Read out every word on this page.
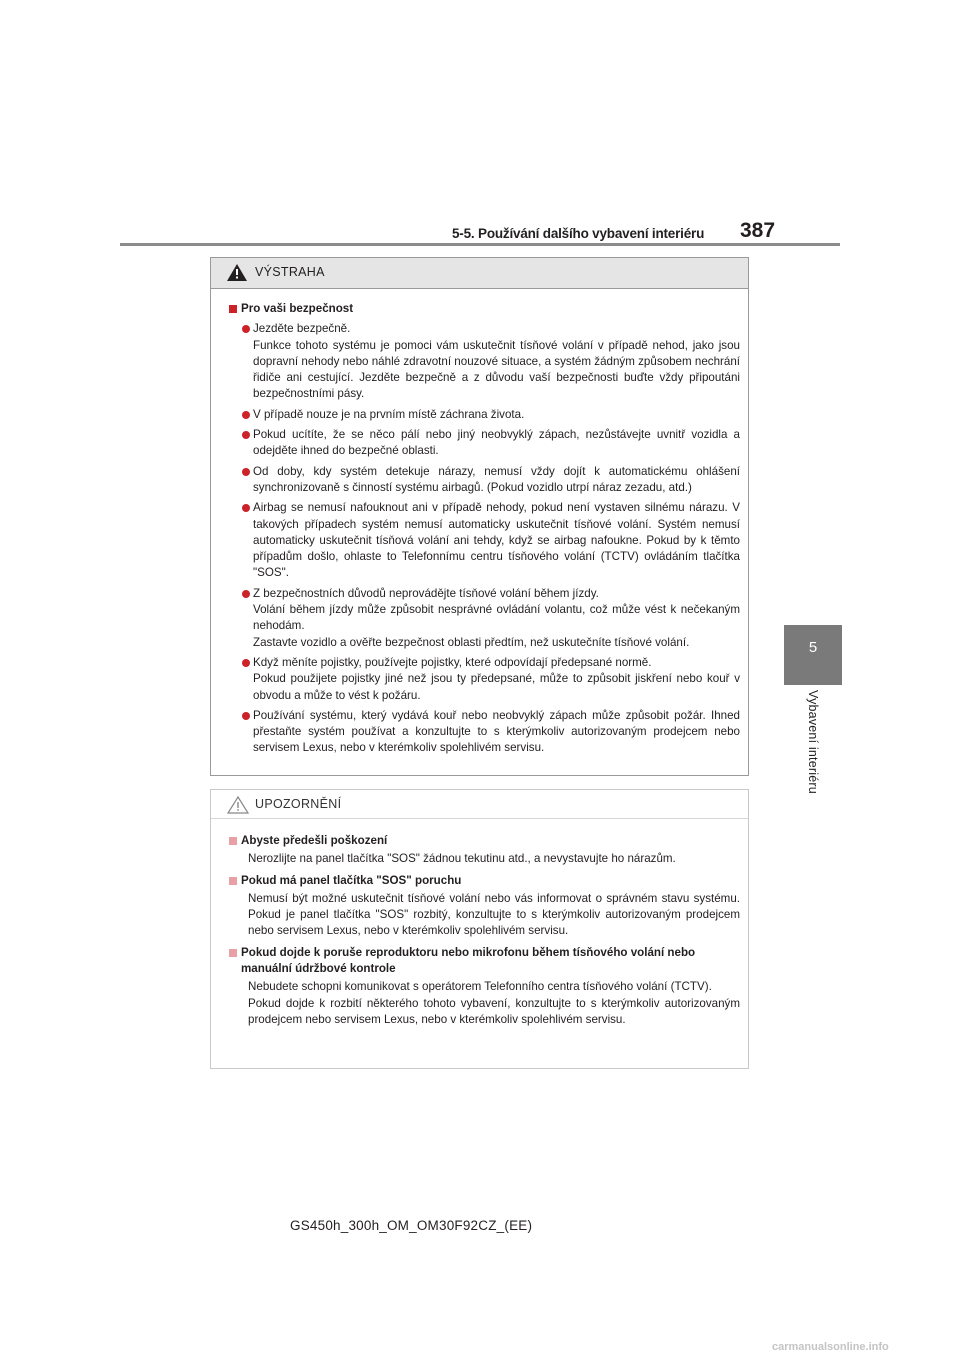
5-5. Používání dalšího vybavení interiéru 387
5
Vybavení interiéru
VÝSTRAHA
Pro vaši bezpečnost
Jezděte bezpečně.
Funkce tohoto systému je pomoci vám uskutečnit tísňové volání v případě nehod, jako jsou dopravní nehody nebo náhlé zdravotní nouzové situace, a systém žádným způsobem nechrání řidiče ani cestující. Jezděte bezpečně a z důvodu vaší bezpečnosti buďte vždy připoutáni bezpečnostními pásy.
V případě nouze je na prvním místě záchrana života.
Pokud ucítíte, že se něco pálí nebo jiný neobvyklý zápach, nezůstávejte uvnitř vozidla a odejděte ihned do bezpečné oblasti.
Od doby, kdy systém detekuje nárazy, nemusí vždy dojít k automatickému ohlášení synchronizovaně s činností systému airbagů. (Pokud vozidlo utrpí náraz zezadu, atd.)
Airbag se nemusí nafouknout ani v případě nehody, pokud není vystaven silnému nárazu. V takových případech systém nemusí automaticky uskutečnit tísňové volání. Systém nemusí automaticky uskutečnit tísňová volání ani tehdy, když se airbag nafoukne. Pokud by k těmto případům došlo, ohlaste to Telefonnímu centru tísňového volání (TCTV) ovládáním tlačítka "SOS".
Z bezpečnostních důvodů neprovádějte tísňové volání během jízdy.
Volání během jízdy může způsobit nesprávné ovládání volantu, což může vést k nečekaným nehodám.
Zastavte vozidlo a ověřte bezpečnost oblasti předtím, než uskutečníte tísňové volání.
Když měníte pojistky, používejte pojistky, které odpovídají předepsané normě.
Pokud použijete pojistky jiné než jsou ty předepsané, může to způsobit jiskření nebo kouř v obvodu a může to vést k požáru.
Používání systému, který vydává kouř nebo neobvyklý zápach může způsobit požár. Ihned přestaňte systém používat a konzultujte to s kterýmkoliv autorizovaným prodejcem nebo servisem Lexus, nebo v kterémkoliv spolehlivém servisu.
UPOZORNĚNÍ
Abyste předešli poškození
Nerozlijte na panel tlačítka "SOS" žádnou tekutinu atd., a nevystavujte ho nárazům.
Pokud má panel tlačítka "SOS" poruchu
Nemusí být možné uskutečnit tísňové volání nebo vás informovat o správném stavu systému. Pokud je panel tlačítka "SOS" rozbitý, konzultujte to s kterýmkoliv autorizovaným prodejcem nebo servisem Lexus, nebo v kterémkoliv spolehlivém servisu.
Pokud dojde k poruše reproduktoru nebo mikrofonu během tísňového volání nebo manuální údržbové kontrole
Nebudete schopni komunikovat s operátorem Telefonního centra tísňového volání (TCTV).
Pokud dojde k rozbití některého tohoto vybavení, konzultujte to s kterýmkoliv autorizovaným prodejcem nebo servisem Lexus, nebo v kterémkoliv spolehlivém servisu.
GS450h_300h_OM_OM30F92CZ_(EE)
carmanualsonline.info
